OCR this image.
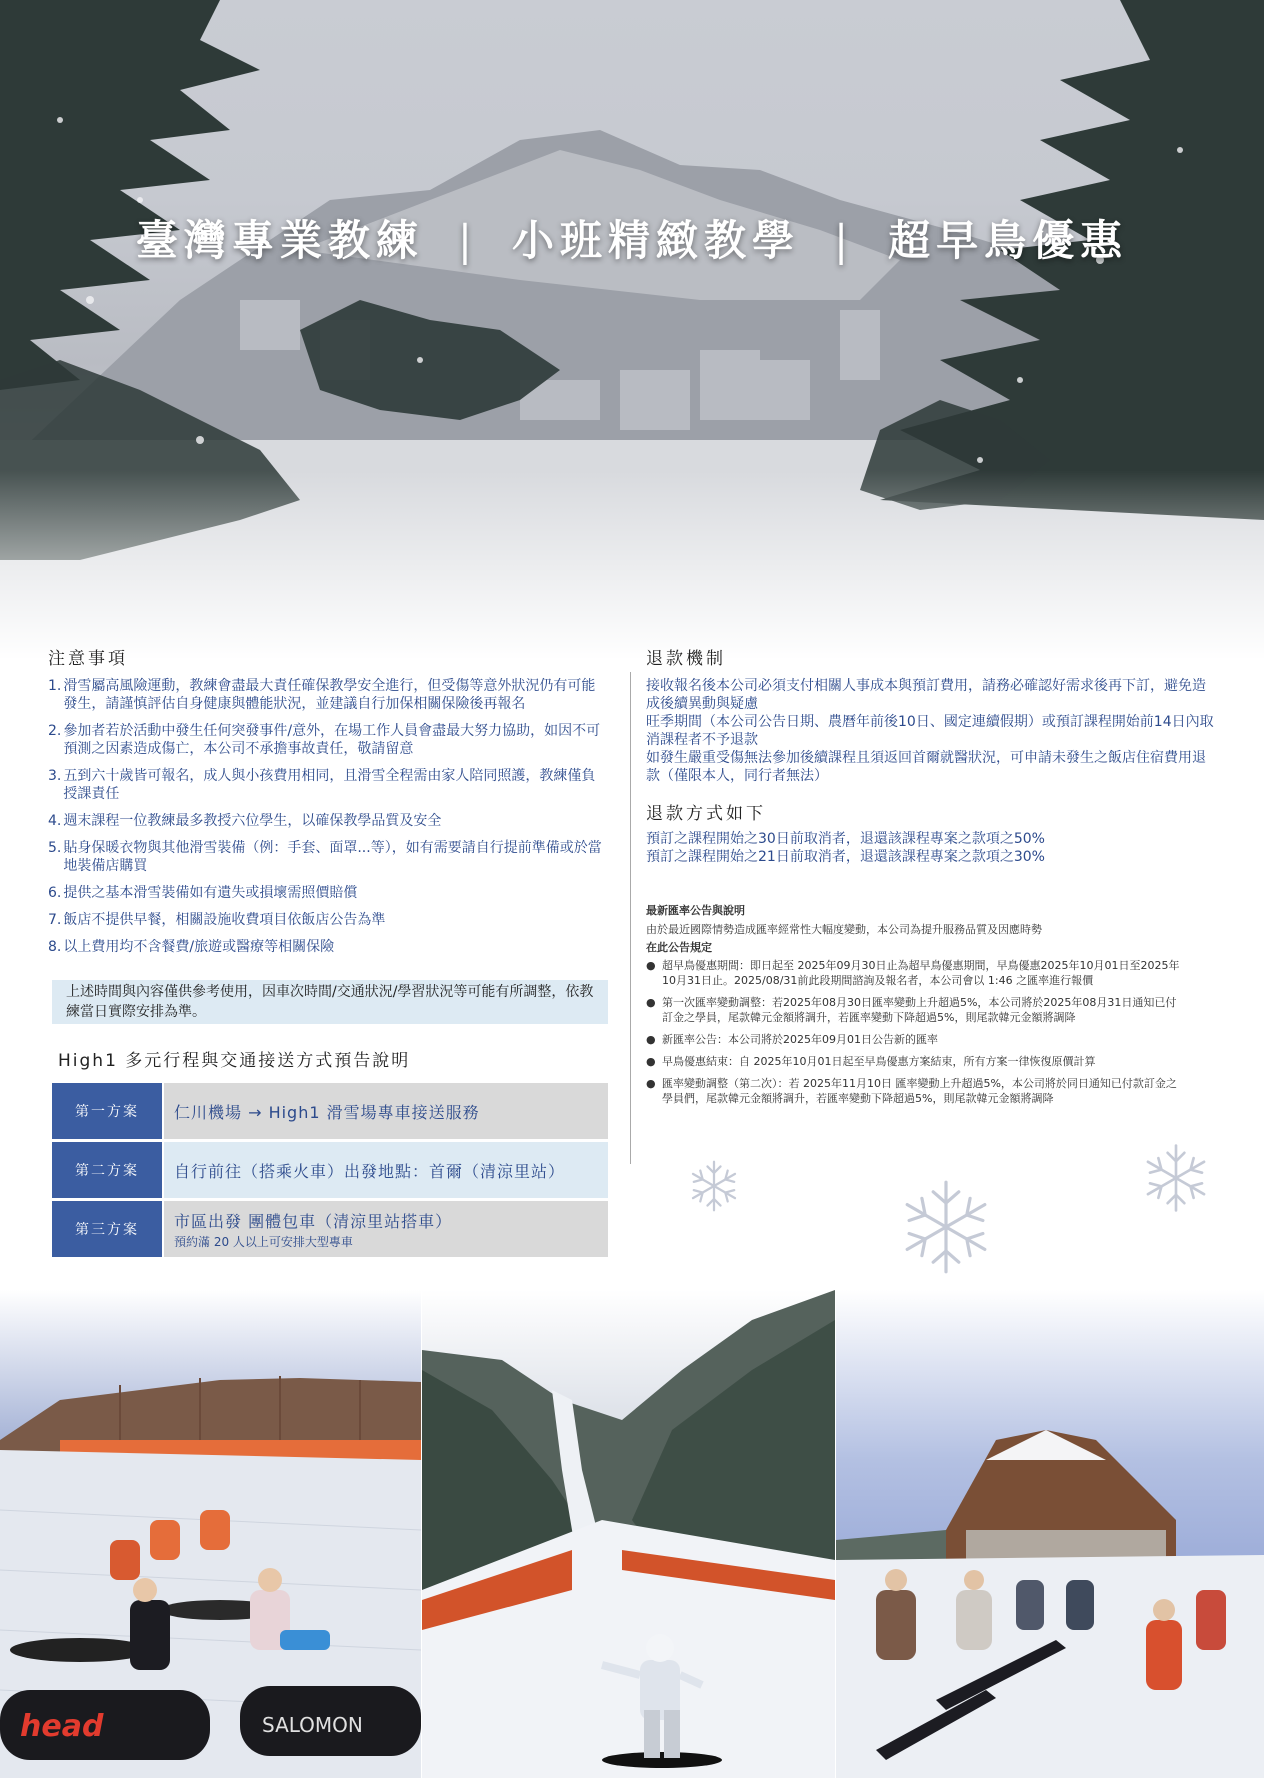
臺灣專業教練 | 小班精緻教學 | 超早鳥優惠
注意事項
1. 滑雪屬高風險運動，教練會盡最大責任確保教學安全進行，但受傷等意外狀況仍有可能發生，請謹慎評估自身健康與體能狀況，並建議自行加保相關保險後再報名
2. 參加者若於活動中發生任何突發事件/意外，在場工作人員會盡最大努力協助，如因不可預測之因素造成傷亡，本公司不承擔事故責任，敬請留意
3. 五到六十歲皆可報名，成人與小孩費用相同，且滑雪全程需由家人陪同照護，教練僅負授課責任
4. 週末課程一位教練最多教授六位學生，以確保教學品質及安全
5. 貼身保暖衣物與其他滑雪裝備（例：手套、面罩...等），如有需要請自行提前準備或於當地裝備店購買
6. 提供之基本滑雪裝備如有遺失或損壞需照價賠償
7. 飯店不提供早餐，相關設施收費項目依飯店公告為準
8. 以上費用均不含餐費/旅遊或醫療等相關保險
上述時間與內容僅供參考使用，因車次時間/交通狀況/學習狀況等可能有所調整，依教練當日實際安排為準。
High1 多元行程與交通接送方式預告說明
第一方案	仁川機場 → High1 滑雪場專車接送服務
第二方案	自行前往（搭乘火車）出發地點：首爾（清涼里站）
第三方案	市區出發 團體包車（清涼里站搭車）
預約滿 20 人以上可安排大型專車
退款機制
接收報名後本公司必須支付相關人事成本與預訂費用，請務必確認好需求後再下訂，避免造成後續異動與疑慮
旺季期間（本公司公告日期、農曆年前後10日、國定連續假期）或預訂課程開始前14日內取消課程者不予退款
如發生嚴重受傷無法參加後續課程且須返回首爾就醫狀況，可申請未發生之飯店住宿費用退款（僅限本人，同行者無法）
退款方式如下
預訂之課程開始之30日前取消者，退還該課程專案之款項之50%
預訂之課程開始之21日前取消者，退還該課程專案之款項之30%
最新匯率公告與說明
由於最近國際情勢造成匯率經常性大幅度變動，本公司為提升服務品質及因應時勢
在此公告規定
● 超早鳥優惠期間：即日起至 2025年09月30日止為超早鳥優惠期間，早鳥優惠2025年10月01日至2025年10月31日止。2025/08/31前此段期間諮詢及報名者，本公司會以 1:46 之匯率進行報價
● 第一次匯率變動調整：若2025年08月30日匯率變動上升超過5%，本公司將於2025年08月31日通知已付訂金之學員，尾款韓元金額將調升，若匯率變動下降超過5%，則尾款韓元金額將調降
● 新匯率公告：本公司將於2025年09月01日公告新的匯率
● 早鳥優惠結束：自 2025年10月01日起至早鳥優惠方案結束，所有方案一律恢復原價計算
● 匯率變動調整（第二次）：若 2025年11月10日 匯率變動上升超過5%，本公司將於同日通知已付款訂金之學員們，尾款韓元金額將調升，若匯率變動下降超過5%，則尾款韓元金額將調降
head	SALOMON
